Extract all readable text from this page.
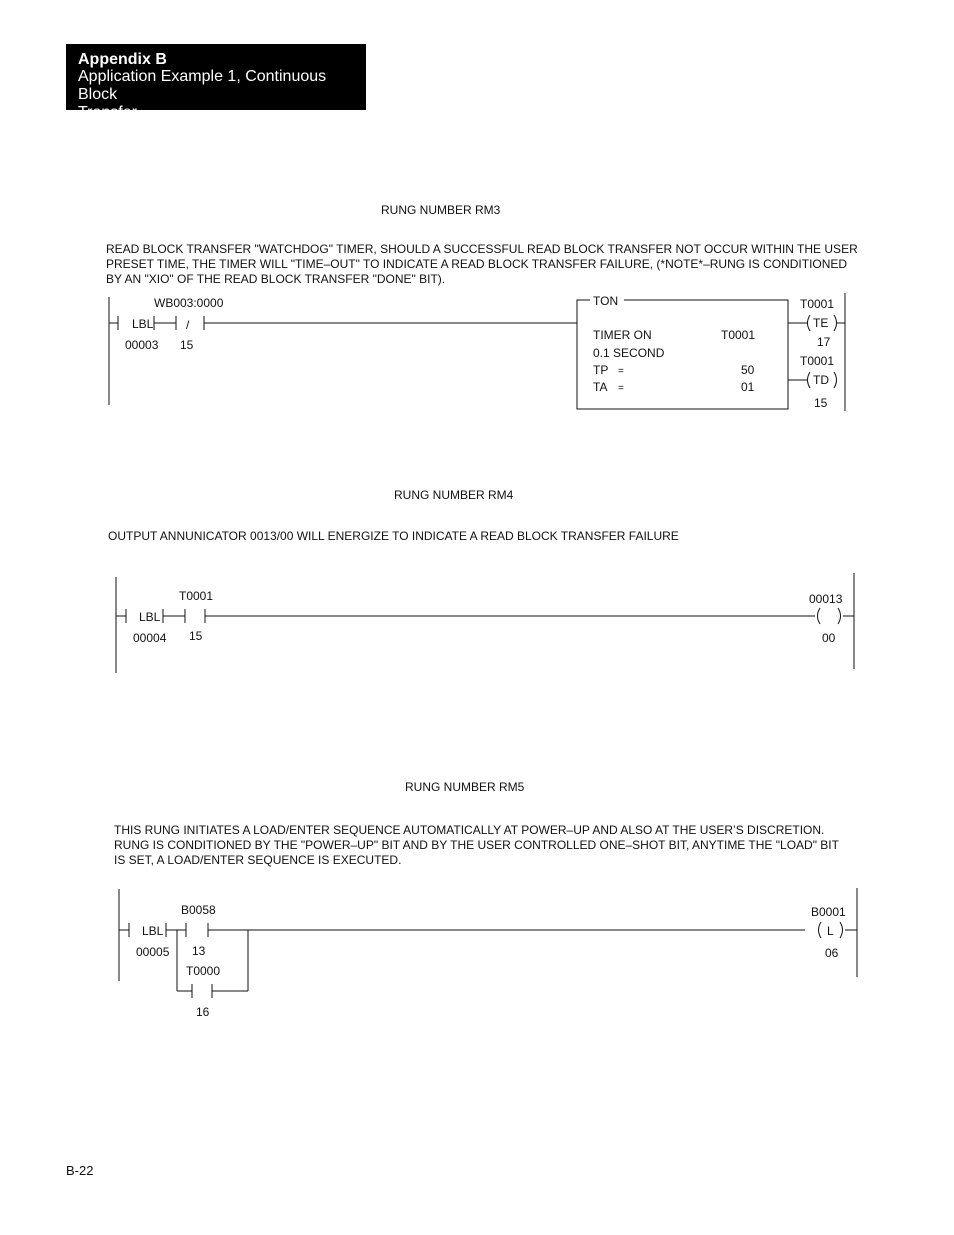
Appendix B
Application Example 1, Continuous Block
Transfer
RUNG NUMBER RM3
READ BLOCK TRANSFER "WATCHDOG" TIMER, SHOULD A SUCCESSFUL READ BLOCK TRANSFER NOT OCCUR WITHIN THE USER
PRESET TIME, THE TIMER WILL "TIME–OUT" TO INDICATE A READ BLOCK TRANSFER FAILURE, (*NOTE*–RUNG IS CONDITIONED
BY AN "XIO" OF THE READ BLOCK TRANSFER "DONE" BIT).
RUNG NUMBER RM4
OUTPUT ANNUNICATOR 0013/00 WILL ENERGIZE TO INDICATE A READ BLOCK TRANSFER FAILURE
RUNG NUMBER RM5
THIS RUNG INITIATES A LOAD/ENTER SEQUENCE AUTOMATICALLY AT POWER–UP AND ALSO AT THE USER’S DISCRETION.
RUNG IS CONDITIONED BY THE "POWER–UP" BIT AND BY THE USER CONTROLLED ONE–SHOT BIT, ANYTIME THE "LOAD" BIT
IS SET, A LOAD/ENTER SEQUENCE IS EXECUTED.
LBL
00003
WB003:0000
/
15
TON
TIMER ON	T0001
0.1 SECOND
TP =	50
TA =	01
T0001
TE
17
T0001
TD
15
LBL
00004
T0001
15
00013
00
LBL
00005
B0058
13
T0000
16
B0001
L
06
B-22
